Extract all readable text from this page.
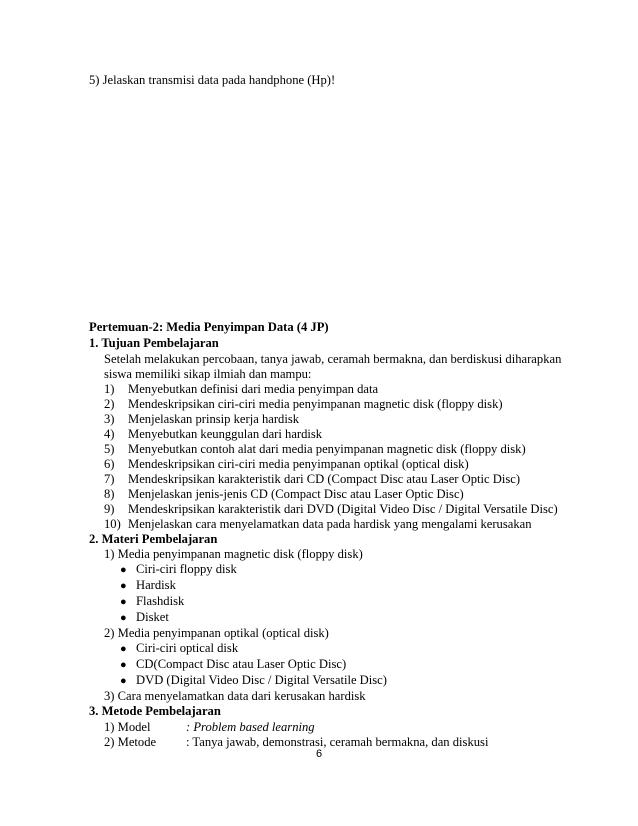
5) Jelaskan transmisi data pada handphone (Hp)!
Pertemuan-2: Media Penyimpan Data (4 JP)
1. Tujuan Pembelajaran
Setelah melakukan percobaan, tanya jawab, ceramah bermakna, dan berdiskusi diharapkan
siswa memiliki sikap ilmiah dan mampu:
1) Menyebutkan definisi dari media penyimpan data
2) Mendeskripsikan ciri-ciri media penyimpanan magnetic disk (floppy disk)
3) Menjelaskan prinsip kerja hardisk
4) Menyebutkan keunggulan dari hardisk
5) Menyebutkan contoh alat dari media penyimpanan magnetic disk (floppy disk)
6) Mendeskripsikan ciri-ciri media penyimpanan optikal (optical disk)
7) Mendeskripsikan karakteristik dari CD (Compact Disc atau Laser Optic Disc)
8) Menjelaskan jenis-jenis CD (Compact Disc atau Laser Optic Disc)
9) Mendeskripsikan karakteristik dari DVD (Digital Video Disc / Digital Versatile Disc)
10) Menjelaskan cara menyelamatkan data pada hardisk yang mengalami kerusakan
2. Materi Pembelajaran
1) Media penyimpanan magnetic disk (floppy disk)
● Ciri-ciri floppy disk
● Hardisk
● Flashdisk
● Disket
2) Media penyimpanan optikal (optical disk)
● Ciri-ciri optical disk
● CD(Compact Disc atau Laser Optic Disc)
● DVD (Digital Video Disc / Digital Versatile Disc)
3) Cara menyelamatkan data dari kerusakan hardisk
3. Metode Pembelajaran
1) Model	: Problem based learning
2) Metode : Tanya jawab, demonstrasi, ceramah bermakna, dan diskusi
6
